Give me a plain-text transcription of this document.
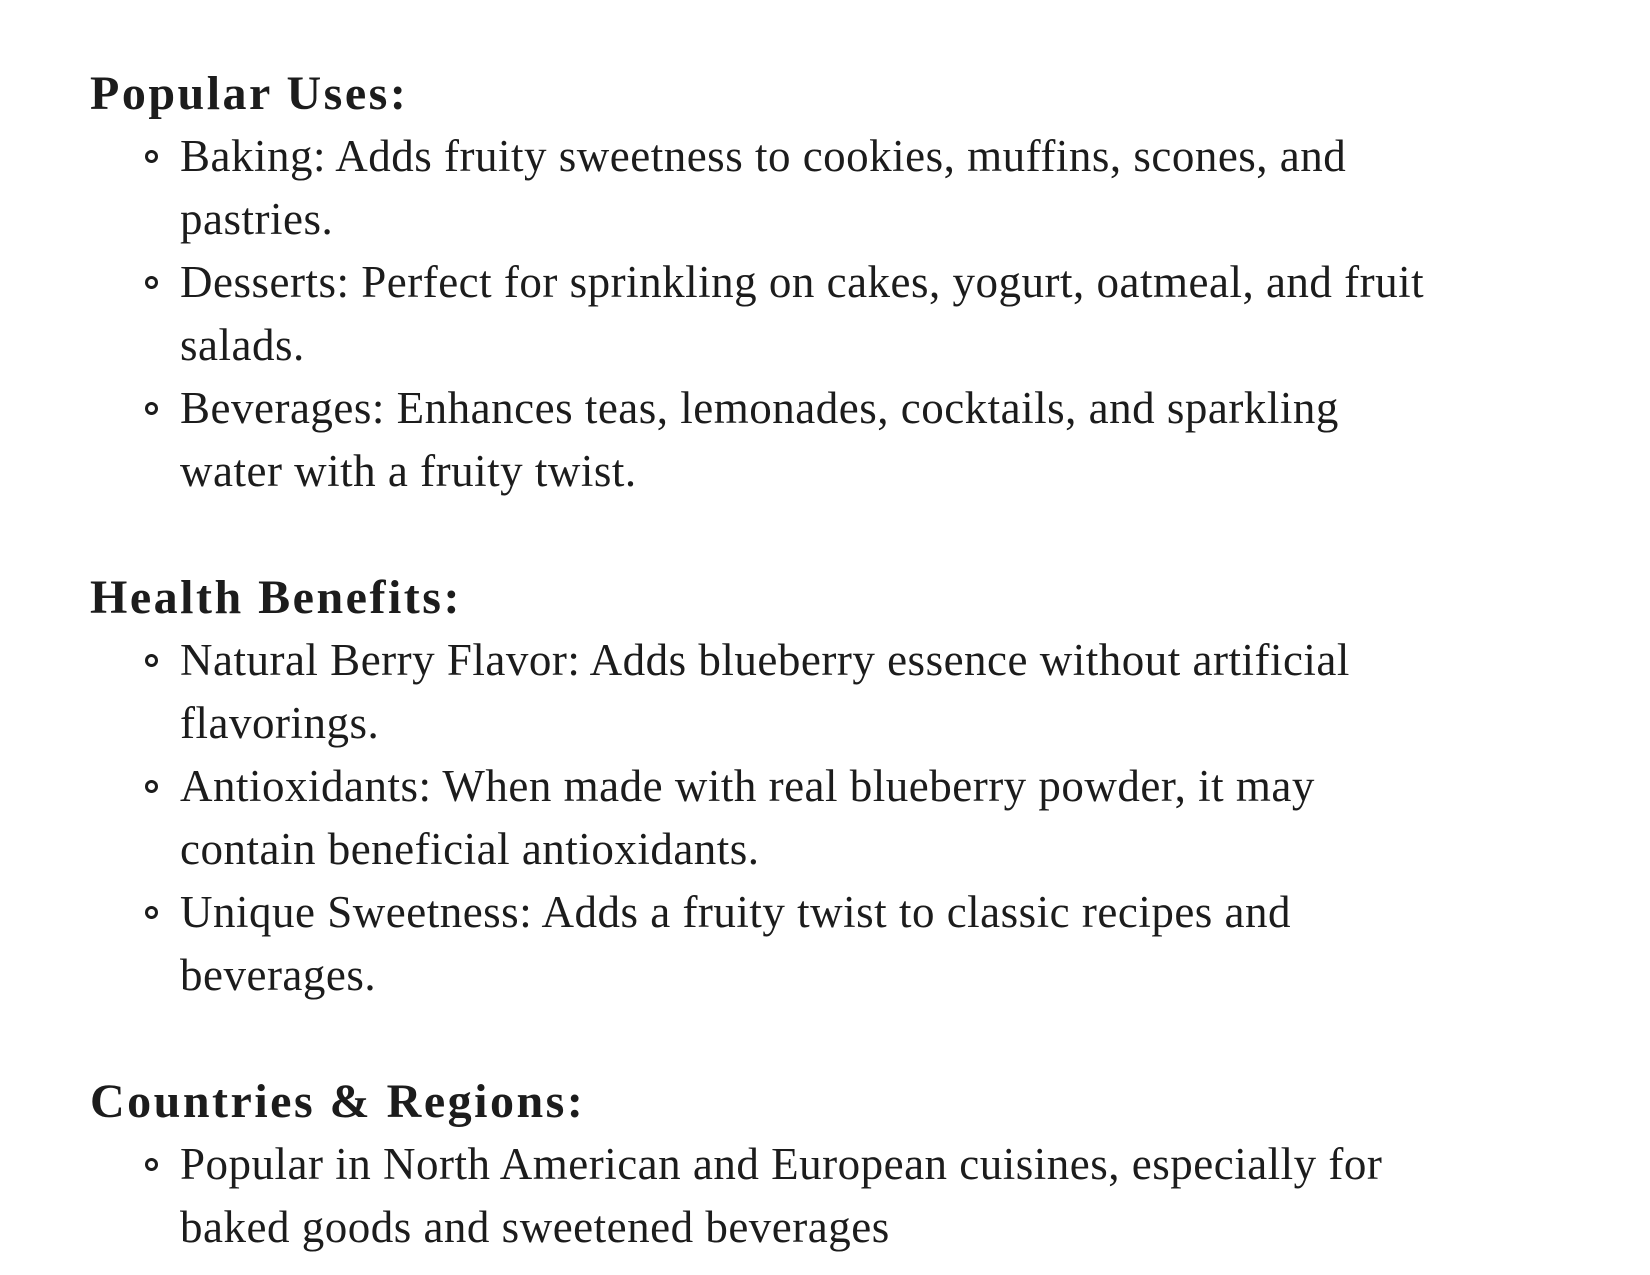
Popular Uses:
Baking: Adds fruity sweetness to cookies, muffins, scones, and pastries.
Desserts: Perfect for sprinkling on cakes, yogurt, oatmeal, and fruit salads.
Beverages: Enhances teas, lemonades, cocktails, and sparkling water with a fruity twist.
Health Benefits:
Natural Berry Flavor: Adds blueberry essence without artificial flavorings.
Antioxidants: When made with real blueberry powder, it may contain beneficial antioxidants.
Unique Sweetness: Adds a fruity twist to classic recipes and beverages.
Countries & Regions:
Popular in North American and European cuisines, especially for baked goods and sweetened beverages
